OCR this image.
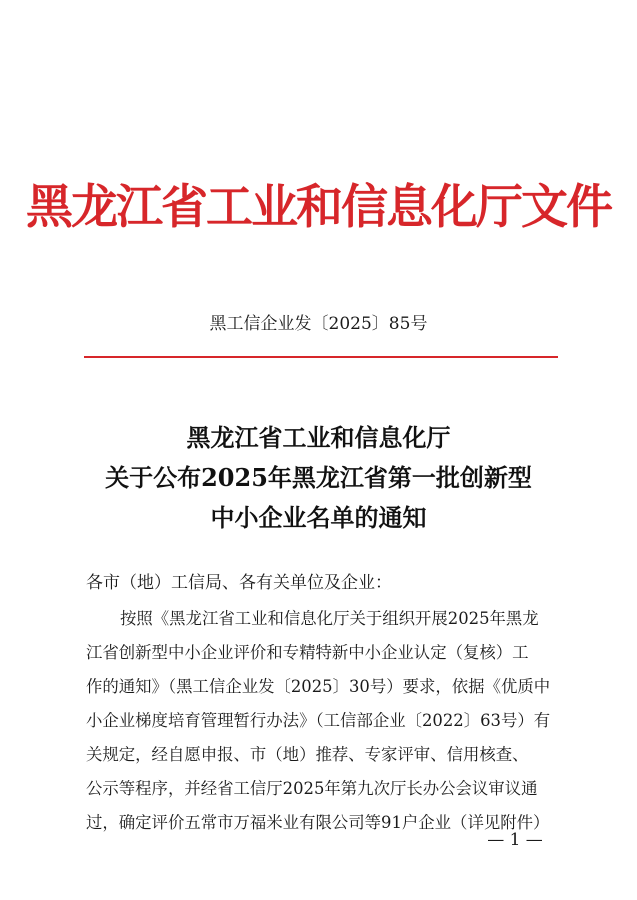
黑龙江省工业和信息化厅文件
黑工信企业发〔2025〕85号
黑龙江省工业和信息化厅
关于公布2025年黑龙江省第一批创新型
中小企业名单的通知
各市（地）工信局、各有关单位及企业：
按照《黑龙江省工业和信息化厅关于组织开展2025年黑龙
江省创新型中小企业评价和专精特新中小企业认定（复核）工
作的通知》（黑工信企业发〔2025〕30号）要求，依据《优质中
小企业梯度培育管理暂行办法》（工信部企业〔2022〕63号）有
关规定，经自愿申报、市（地）推荐、专家评审、信用核查、
公示等程序，并经省工信厅2025年第九次厅长办公会议审议通
过，确定评价五常市万福米业有限公司等91户企业（详见附件）
— 1 —
